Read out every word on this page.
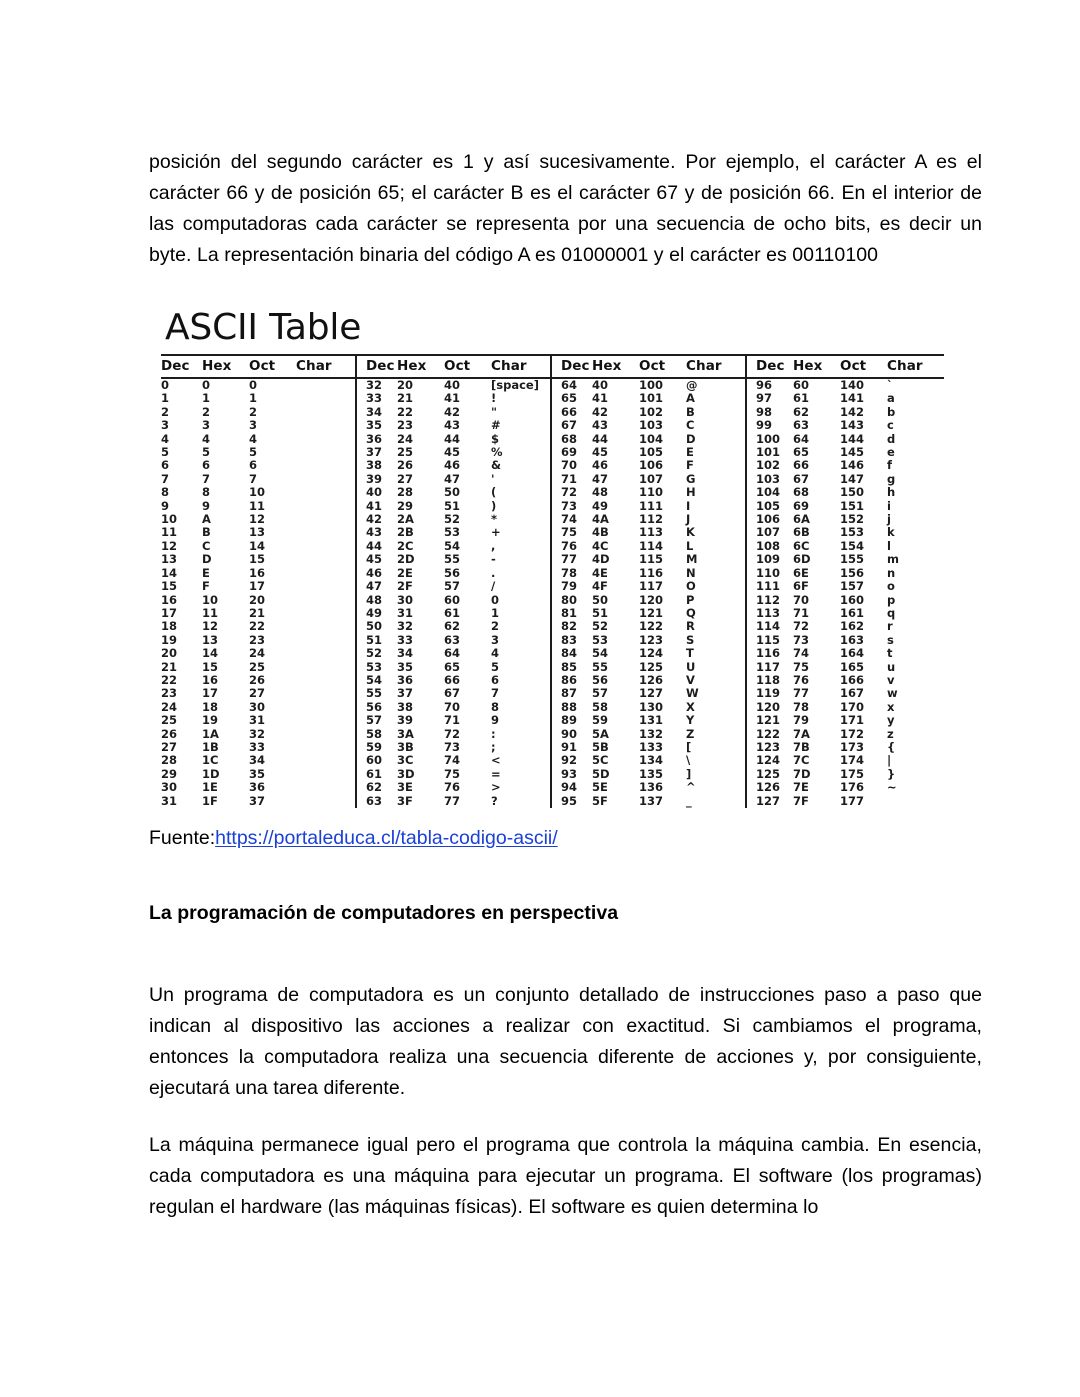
posición del segundo carácter es 1 y así sucesivamente. Por ejemplo, el carácter A es el carácter 66 y de posición 65; el carácter B es el carácter 67 y de posición 66. En el interior de las computadoras cada carácter se representa por una secuencia de ocho bits, es decir un byte. La representación binaria del código A es 01000001 y el carácter es 00110100

ASCII Table
Dec	Hex	Oct	Char	Dec	Hex	Oct	Char	Dec	Hex	Oct	Char	Dec	Hex	Oct	Char
0	0	0		32	20	40	[space]	64	40	100	@	96	60	140	`
1	1	1		33	21	41	!	65	41	101	A	97	61	141	a
2	2	2		34	22	42	"	66	42	102	B	98	62	142	b
3	3	3		35	23	43	#	67	43	103	C	99	63	143	c
4	4	4		36	24	44	$	68	44	104	D	100	64	144	d
5	5	5		37	25	45	%	69	45	105	E	101	65	145	e
6	6	6		38	26	46	&	70	46	106	F	102	66	146	f
7	7	7		39	27	47	'	71	47	107	G	103	67	147	g
8	8	10		40	28	50	(	72	48	110	H	104	68	150	h
9	9	11		41	29	51	)	73	49	111	I	105	69	151	i
10	A	12		42	2A	52	*	74	4A	112	J	106	6A	152	j
11	B	13		43	2B	53	+	75	4B	113	K	107	6B	153	k
12	C	14		44	2C	54	,	76	4C	114	L	108	6C	154	l
13	D	15		45	2D	55	-	77	4D	115	M	109	6D	155	m
14	E	16		46	2E	56	.	78	4E	116	N	110	6E	156	n
15	F	17		47	2F	57	/	79	4F	117	O	111	6F	157	o
16	10	20		48	30	60	0	80	50	120	P	112	70	160	p
17	11	21		49	31	61	1	81	51	121	Q	113	71	161	q
18	12	22		50	32	62	2	82	52	122	R	114	72	162	r
19	13	23		51	33	63	3	83	53	123	S	115	73	163	s
20	14	24		52	34	64	4	84	54	124	T	116	74	164	t
21	15	25		53	35	65	5	85	55	125	U	117	75	165	u
22	16	26		54	36	66	6	86	56	126	V	118	76	166	v
23	17	27		55	37	67	7	87	57	127	W	119	77	167	w
24	18	30		56	38	70	8	88	58	130	X	120	78	170	x
25	19	31		57	39	71	9	89	59	131	Y	121	79	171	y
26	1A	32		58	3A	72	:	90	5A	132	Z	122	7A	172	z
27	1B	33		59	3B	73	;	91	5B	133	[	123	7B	173	{
28	1C	34		60	3C	74	<	92	5C	134	\	124	7C	174	|
29	1D	35		61	3D	75	=	93	5D	135	]	125	7D	175	}
30	1E	36		62	3E	76	>	94	5E	136	^	126	7E	176	~
31	1F	37		63	3F	77	?	95	5F	137	_	127	7F	177	
Fuente:https://portaleduca.cl/tabla-codigo-ascii/
La programación de computadores en perspectiva

Un programa de computadora es un conjunto detallado de instrucciones paso a paso que indican al dispositivo las acciones a realizar con exactitud. Si cambiamos el programa, entonces la computadora realiza una secuencia diferente de acciones y, por consiguiente, ejecutará una tarea diferente.

La máquina permanece igual pero el programa que controla la máquina cambia. En esencia, cada computadora es una máquina para ejecutar un programa. El software (los programas) regulan el hardware (las máquinas físicas). El software es quien determina lo
